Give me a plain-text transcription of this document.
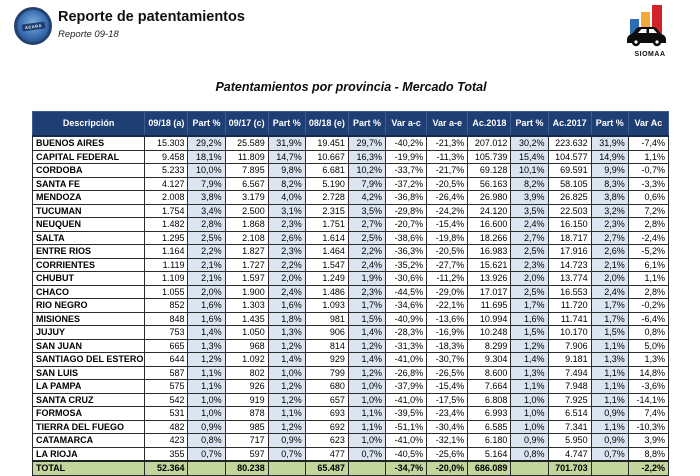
ACARA
Reporte de patentamientos
Reporte 09-18
SIOMAA
Patentamientos por provincia - Mercado Total
Descripción	09/18 (a)	Part %	09/17 (c)	Part %	08/18 (e)	Part %	Var a-c	Var a-e	Ac.2018	Part %	Ac.2017	Part %	Var Ac
BUENOS AIRES	15.303	29,2%	25.589	31,9%	19.451	29,7%	-40,2%	-21,3%	207.012	30,2%	223.632	31,9%	-7,4%
CAPITAL FEDERAL	9.458	18,1%	11.809	14,7%	10.667	16,3%	-19,9%	-11,3%	105.739	15,4%	104.577	14,9%	1,1%
CORDOBA	5.233	10,0%	7.895	9,8%	6.681	10,2%	-33,7%	-21,7%	69.128	10,1%	69.591	9,9%	-0,7%
SANTA FE	4.127	7,9%	6.567	8,2%	5.190	7,9%	-37,2%	-20,5%	56.163	8,2%	58.105	8,3%	-3,3%
MENDOZA	2.008	3,8%	3.179	4,0%	2.728	4,2%	-36,8%	-26,4%	26.980	3,9%	26.825	3,8%	0,6%
TUCUMAN	1.754	3,4%	2.500	3,1%	2.315	3,5%	-29,8%	-24,2%	24.120	3,5%	22.503	3,2%	7,2%
NEUQUEN	1.482	2,8%	1.868	2,3%	1.751	2,7%	-20,7%	-15,4%	16.600	2,4%	16.150	2,3%	2,8%
SALTA	1.295	2,5%	2.108	2,6%	1.614	2,5%	-38,6%	-19,8%	18.266	2,7%	18.717	2,7%	-2,4%
ENTRE RIOS	1.164	2,2%	1.827	2,3%	1.464	2,2%	-36,3%	-20,5%	16.983	2,5%	17.916	2,6%	-5,2%
CORRIENTES	1.119	2,1%	1.727	2,2%	1.547	2,4%	-35,2%	-27,7%	15.621	2,3%	14.723	2,1%	6,1%
CHUBUT	1.109	2,1%	1.597	2,0%	1.249	1,9%	-30,6%	-11,2%	13.926	2,0%	13.774	2,0%	1,1%
CHACO	1.055	2,0%	1.900	2,4%	1.486	2,3%	-44,5%	-29,0%	17.017	2,5%	16.553	2,4%	2,8%
RIO NEGRO	852	1,6%	1.303	1,6%	1.093	1,7%	-34,6%	-22,1%	11.695	1,7%	11.720	1,7%	-0,2%
MISIONES	848	1,6%	1.435	1,8%	981	1,5%	-40,9%	-13,6%	10.994	1,6%	11.741	1,7%	-6,4%
JUJUY	753	1,4%	1.050	1,3%	906	1,4%	-28,3%	-16,9%	10.248	1,5%	10.170	1,5%	0,8%
SAN JUAN	665	1,3%	968	1,2%	814	1,2%	-31,3%	-18,3%	8.299	1,2%	7.906	1,1%	5,0%
SANTIAGO DEL ESTERO	644	1,2%	1.092	1,4%	929	1,4%	-41,0%	-30,7%	9.304	1,4%	9.181	1,3%	1,3%
SAN LUIS	587	1,1%	802	1,0%	799	1,2%	-26,8%	-26,5%	8.600	1,3%	7.494	1,1%	14,8%
LA PAMPA	575	1,1%	926	1,2%	680	1,0%	-37,9%	-15,4%	7.664	1,1%	7.948	1,1%	-3,6%
SANTA CRUZ	542	1,0%	919	1,2%	657	1,0%	-41,0%	-17,5%	6.808	1,0%	7.925	1,1%	-14,1%
FORMOSA	531	1,0%	878	1,1%	693	1,1%	-39,5%	-23,4%	6.993	1,0%	6.514	0,9%	7,4%
TIERRA DEL FUEGO	482	0,9%	985	1,2%	692	1,1%	-51,1%	-30,4%	6.585	1,0%	7.341	1,1%	-10,3%
CATAMARCA	423	0,8%	717	0,9%	623	1,0%	-41,0%	-32,1%	6.180	0,9%	5.950	0,9%	3,9%
LA RIOJA	355	0,7%	597	0,7%	477	0,7%	-40,5%	-25,6%	5.164	0,8%	4.747	0,7%	8,8%
TOTAL	52.364		80.238		65.487		-34,7%	-20,0%	686.089		701.703		-2,2%
